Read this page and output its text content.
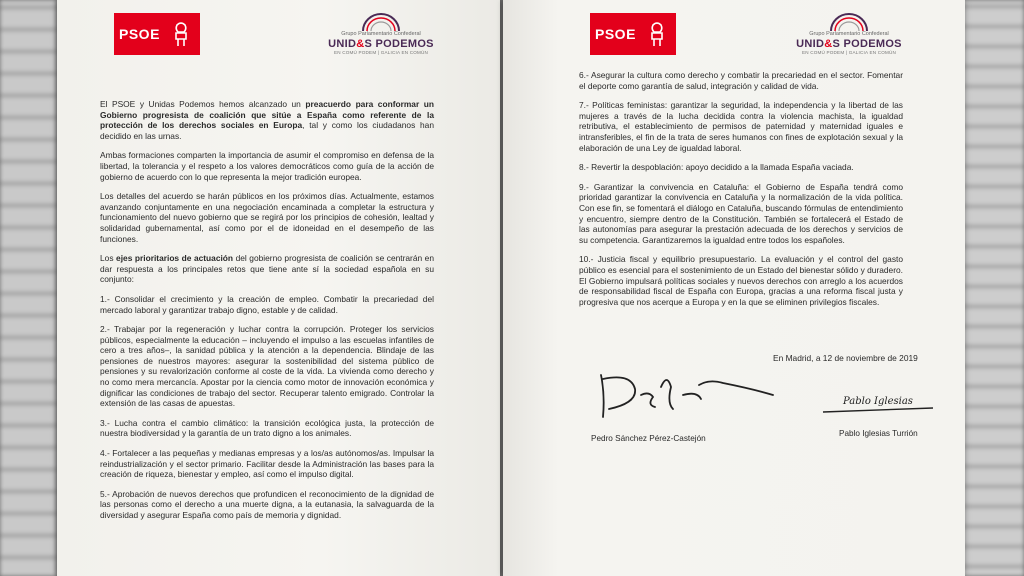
PSOE	Grupo Parlamentario Confederal
UNID&S PODEMOS
EN COMÚ PODEM | GALICIA EN COMÚN

El PSOE y Unidas Podemos hemos alcanzado un preacuerdo para conformar un Gobierno progresista de coalición que sitúe a España como referente de la protección de los derechos sociales en Europa, tal y como los ciudadanos han decidido en las urnas.

Ambas formaciones comparten la importancia de asumir el compromiso en defensa de la libertad, la tolerancia y el respeto a los valores democráticos como guía de la acción de gobierno de acuerdo con lo que representa la mejor tradición europea.

Los detalles del acuerdo se harán públicos en los próximos días. Actualmente, estamos avanzando conjuntamente en una negociación encaminada a completar la estructura y funcionamiento del nuevo gobierno que se regirá por los principios de cohesión, lealtad y solidaridad gubernamental, así como por el de idoneidad en el desempeño de las funciones.

Los ejes prioritarios de actuación del gobierno progresista de coalición se centrarán en dar respuesta a los principales retos que tiene ante sí la sociedad española en su conjunto:

1.- Consolidar el crecimiento y la creación de empleo. Combatir la precariedad del mercado laboral y garantizar trabajo digno, estable y de calidad.

2.- Trabajar por la regeneración y luchar contra la corrupción. Proteger los servicios públicos, especialmente la educación – incluyendo el impulso a las escuelas infantiles de cero a tres años–, la sanidad pública y la atención a la dependencia. Blindaje de las pensiones de nuestros mayores: asegurar la sostenibilidad del sistema público de pensiones y su revalorización conforme al coste de la vida. La vivienda como derecho y no como mera mercancía. Apostar por la ciencia como motor de innovación económica y dignificar las condiciones de trabajo del sector. Recuperar talento emigrado. Controlar la extensión de las casas de apuestas.

3.- Lucha contra el cambio climático: la transición ecológica justa, la protección de nuestra biodiversidad y la garantía de un trato digno a los animales.

4.- Fortalecer a las pequeñas y medianas empresas y a los/as autónomos/as. Impulsar la reindustrialización y el sector primario. Facilitar desde la Administración las bases para la creación de riqueza, bienestar y empleo, así como el impulso digital.

5.- Aprobación de nuevos derechos que profundicen el reconocimiento de la dignidad de las personas como el derecho a una muerte digna, a la eutanasia, la salvaguarda de la diversidad y asegurar España como país de memoria y dignidad.

PSOE	Grupo Parlamentario Confederal
UNID&S PODEMOS
EN COMÚ PODEM | GALICIA EN COMÚN

6.- Asegurar la cultura como derecho y combatir la precariedad en el sector. Fomentar el deporte como garantía de salud, integración y calidad de vida.

7.- Políticas feministas: garantizar la seguridad, la independencia y la libertad de las mujeres a través de la lucha decidida contra la violencia machista, la igualdad retributiva, el establecimiento de permisos de paternidad y maternidad iguales e intransferibles, el fin de la trata de seres humanos con fines de explotación sexual y la elaboración de una Ley de igualdad laboral.

8.- Revertir la despoblación: apoyo decidido a la llamada España vaciada.

9.- Garantizar la convivencia en Cataluña: el Gobierno de España tendrá como prioridad garantizar la convivencia en Cataluña y la normalización de la vida política. Con ese fin, se fomentará el diálogo en Cataluña, buscando fórmulas de entendimiento y encuentro, siempre dentro de la Constitución. También se fortalecerá el Estado de las autonomías para asegurar la prestación adecuada de los derechos y servicios de su competencia. Garantizaremos la igualdad entre todos los españoles.

10.- Justicia fiscal y equilibrio presupuestario. La evaluación y el control del gasto público es esencial para el sostenimiento de un Estado del bienestar sólido y duradero. El Gobierno impulsará políticas sociales y nuevos derechos con arreglo a los acuerdos de responsabilidad fiscal de España con Europa, gracias a una reforma fiscal justa y progresiva que nos acerque a Europa y en la que se eliminen privilegios fiscales.

En Madrid, a 12 de noviembre de 2019
Pedro Sánchez Pérez-Castejón
Pablo Iglesias
Pablo Iglesias Turrión
